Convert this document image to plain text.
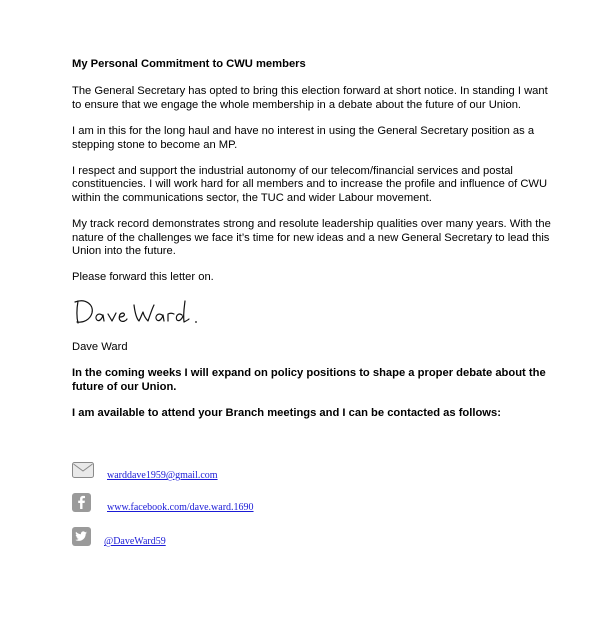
My Personal Commitment to CWU members

The General Secretary has opted to bring this election forward at short notice. In standing I want to ensure that we engage the whole membership in a debate about the future of our Union.

I am in this for the long haul and have no interest in using the General Secretary position as a stepping stone to become an MP.

I respect and support the industrial autonomy of our telecom/financial services and postal constituencies. I will work hard for all members and to increase the profile and influence of CWU within the communications sector, the TUC and wider Labour movement.

My track record demonstrates strong and resolute leadership qualities over many years. With the nature of the challenges we face it’s time for new ideas and a new General Secretary to lead this Union into the future.

Please forward this letter on.

Dave Ward

In the coming weeks I will expand on policy positions to shape a proper debate about the future of our Union.

I am available to attend your Branch meetings and I can be contacted as follows:

warddave1959@gmail.com
www.facebook.com/dave.ward.1690
@DaveWard59
